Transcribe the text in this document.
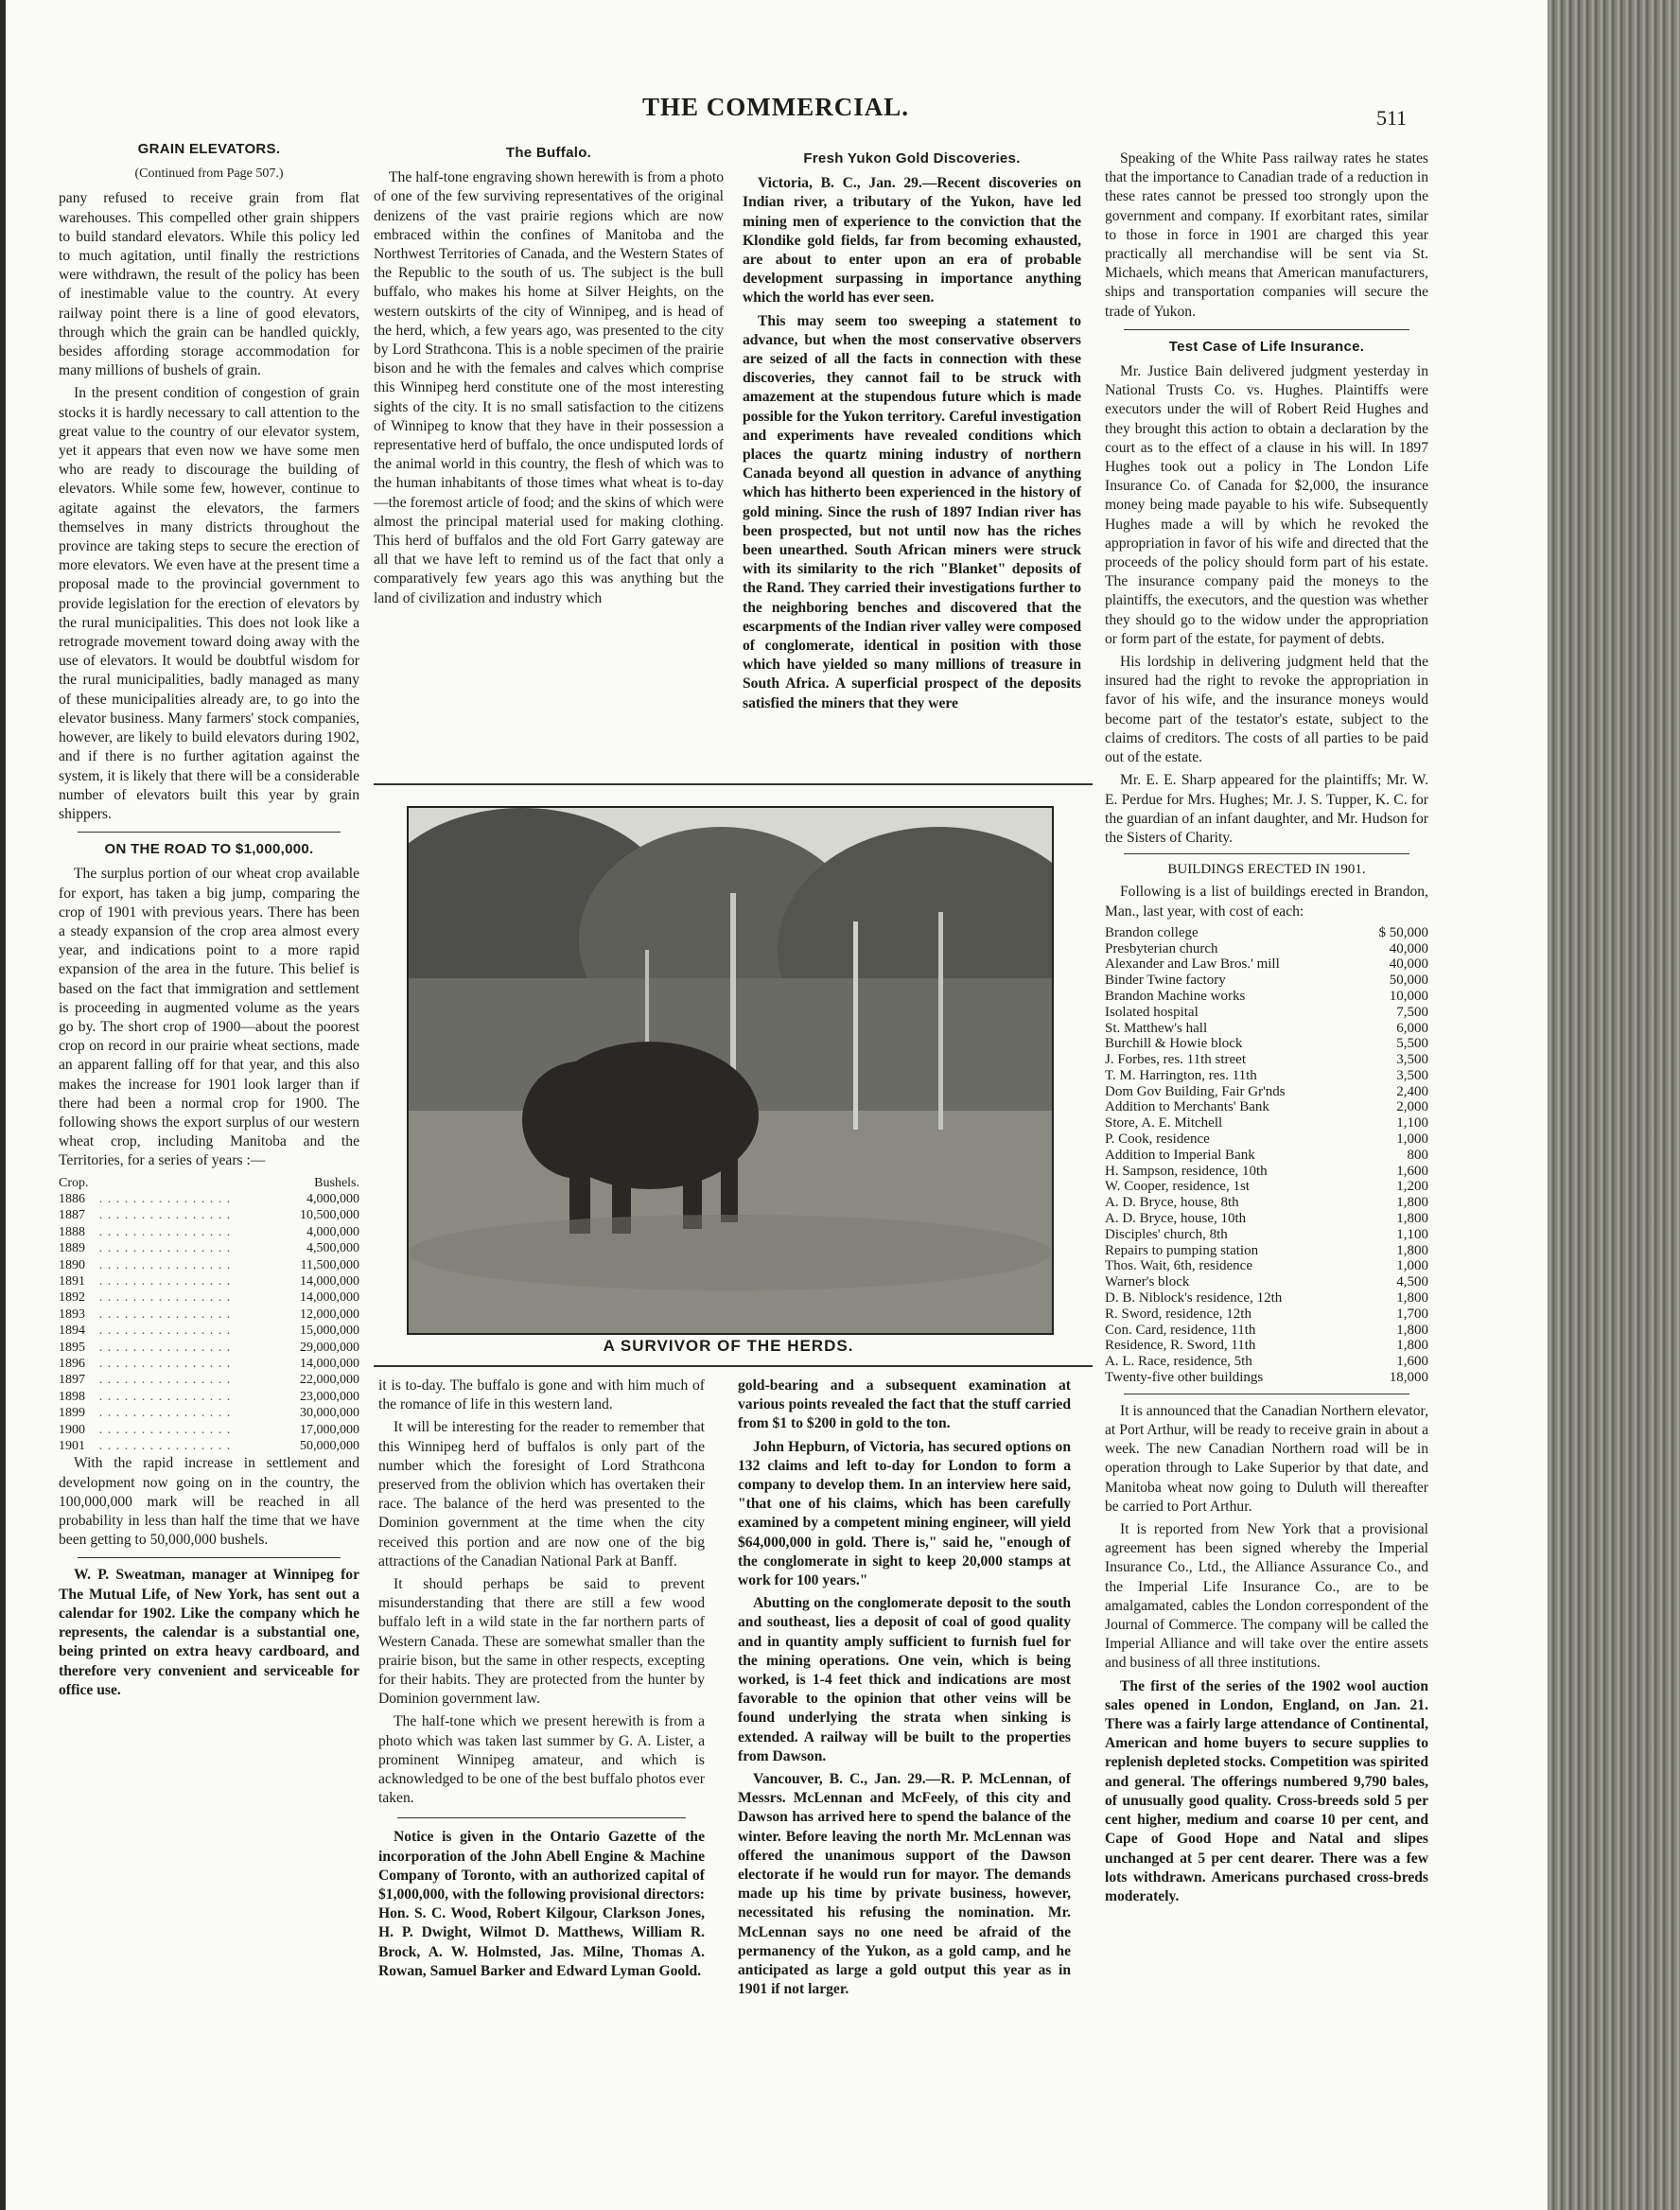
THE COMMERCIAL.	511
GRAIN ELEVATORS.
(Continued from Page 507.)

pany refused to receive grain from flat warehouses. This compelled other grain shippers to build standard elevators. While this policy led to much agitation, until finally the restrictions were withdrawn, the result of the policy has been of inestimable value to the country. At every railway point there is a line of good elevators, through which the grain can be handled quickly, besides affording storage accommodation for many millions of bushels of grain.

In the present condition of congestion of grain stocks it is hardly necessary to call attention to the great value to the country of our elevator system, yet it appears that even now we have some men who are ready to discourage the building of elevators. While some few, however, continue to agitate against the elevators, the farmers themselves in many districts throughout the province are taking steps to secure the erection of more elevators. We even have at the present time a proposal made to the provincial government to provide legislation for the erection of elevators by the rural municipalities. This does not look like a retrograde movement toward doing away with the use of elevators. It would be doubtful wisdom for the rural municipalities, badly managed as many of these municipalities already are, to go into the elevator business. Many farmers' stock companies, however, are likely to build elevators during 1902, and if there is no further agitation against the system, it is likely that there will be a considerable number of elevators built this year by grain shippers.

ON THE ROAD TO $1,000,000.

The surplus portion of our wheat crop available for export, has taken a big jump, comparing the crop of 1901 with previous years. There has been a steady expansion of the crop area almost every year, and indications point to a more rapid expansion of the area in the future. This belief is based on the fact that immigration and settlement is proceeding in augmented volume as the years go by. The short crop of 1900—about the poorest crop on record in our prairie wheat sections, made an apparent falling off for that year, and this also makes the increase for 1901 look larger than if there had been a normal crop for 1900. The following shows the export surplus of our western wheat crop, including Manitoba and the Territories, for a series of years :—

Crop.		Bushels.
1886	. . . . . . . . . . . . . . . .	4,000,000
1887	. . . . . . . . . . . . . . . .	10,500,000
1888	. . . . . . . . . . . . . . . .	4,000,000
1889	. . . . . . . . . . . . . . . .	4,500,000
1890	. . . . . . . . . . . . . . . .	11,500,000
1891	. . . . . . . . . . . . . . . .	14,000,000
1892	. . . . . . . . . . . . . . . .	14,000,000
1893	. . . . . . . . . . . . . . . .	12,000,000
1894	. . . . . . . . . . . . . . . .	15,000,000
1895	. . . . . . . . . . . . . . . .	29,000,000
1896	. . . . . . . . . . . . . . . .	14,000,000
1897	. . . . . . . . . . . . . . . .	22,000,000
1898	. . . . . . . . . . . . . . . .	23,000,000
1899	. . . . . . . . . . . . . . . .	30,000,000
1900	. . . . . . . . . . . . . . . .	17,000,000
1901	. . . . . . . . . . . . . . . .	50,000,000

With the rapid increase in settlement and development now going on in the country, the 100,000,000 mark will be reached in all probability in less than half the time that we have been getting to 50,000,000 bushels.

W. P. Sweatman, manager at Winnipeg for The Mutual Life, of New York, has sent out a calendar for 1902. Like the company which he represents, the calendar is a substantial one, being printed on extra heavy cardboard, and therefore very convenient and serviceable for office use.

The Buffalo.

The half-tone engraving shown herewith is from a photo of one of the few surviving representatives of the original denizens of the vast prairie regions which are now embraced within the confines of Manitoba and the Northwest Territories of Canada, and the Western States of the Republic to the south of us. The subject is the bull buffalo, who makes his home at Silver Heights, on the western outskirts of the city of Winnipeg, and is head of the herd, which, a few years ago, was presented to the city by Lord Strathcona. This is a noble specimen of the prairie bison and he with the females and calves which comprise this Winnipeg herd constitute one of the most interesting sights of the city. It is no small satisfaction to the citizens of Winnipeg to know that they have in their possession a representative herd of buffalo, the once undisputed lords of the animal world in this country, the flesh of which was to the human inhabitants of those times what wheat is to-day—the foremost article of food; and the skins of which were almost the principal material used for making clothing. This herd of buffalos and the old Fort Garry gateway are all that we have left to remind us of the fact that only a comparatively few years ago this was anything but the land of civilization and industry which

Fresh Yukon Gold Discoveries.

Victoria, B. C., Jan. 29.—Recent discoveries on Indian river, a tributary of the Yukon, have led mining men of experience to the conviction that the Klondike gold fields, far from becoming exhausted, are about to enter upon an era of probable development surpassing in importance anything which the world has ever seen.

This may seem too sweeping a statement to advance, but when the most conservative observers are seized of all the facts in connection with these discoveries, they cannot fail to be struck with amazement at the stupendous future which is made possible for the Yukon territory. Careful investigation and experiments have revealed conditions which places the quartz mining industry of northern Canada beyond all question in advance of anything which has hitherto been experienced in the history of gold mining. Since the rush of 1897 Indian river has been prospected, but not until now has the riches been unearthed. South African miners were struck with its similarity to the rich "Blanket" deposits of the Rand. They carried their investigations further to the neighboring benches and discovered that the escarpments of the Indian river valley were composed of conglomerate, identical in position with those which have yielded so many millions of treasure in South Africa. A superficial prospect of the deposits satisfied the miners that they were

A SURVIVOR OF THE HERDS.

it is to-day. The buffalo is gone and with him much of the romance of life in this western land.

It will be interesting for the reader to remember that this Winnipeg herd of buffalos is only part of the number which the foresight of Lord Strathcona preserved from the oblivion which has overtaken their race. The balance of the herd was presented to the Dominion government at the time when the city received this portion and are now one of the big attractions of the Canadian National Park at Banff.

It should perhaps be said to prevent misunderstanding that there are still a few wood buffalo left in a wild state in the far northern parts of Western Canada. These are somewhat smaller than the prairie bison, but the same in other respects, excepting for their habits. They are protected from the hunter by Dominion government law.

The half-tone which we present herewith is from a photo which was taken last summer by G. A. Lister, a prominent Winnipeg amateur, and which is acknowledged to be one of the best buffalo photos ever taken.

Notice is given in the Ontario Gazette of the incorporation of the John Abell Engine & Machine Company of Toronto, with an authorized capital of $1,000,000, with the following provisional directors: Hon. S. C. Wood, Robert Kilgour, Clarkson Jones, H. P. Dwight, Wilmot D. Matthews, William R. Brock, A. W. Holmsted, Jas. Milne, Thomas A. Rowan, Samuel Barker and Edward Lyman Goold.

gold-bearing and a subsequent examination at various points revealed the fact that the stuff carried from $1 to $200 in gold to the ton.

John Hepburn, of Victoria, has secured options on 132 claims and left to-day for London to form a company to develop them. In an interview here said, "that one of his claims, which has been carefully examined by a competent mining engineer, will yield $64,000,000 in gold. There is," said he, "enough of the conglomerate in sight to keep 20,000 stamps at work for 100 years."

Abutting on the conglomerate deposit to the south and southeast, lies a deposit of coal of good quality and in quantity amply sufficient to furnish fuel for the mining operations. One vein, which is being worked, is 1-4 feet thick and indications are most favorable to the opinion that other veins will be found underlying the strata when sinking is extended. A railway will be built to the properties from Dawson.

Vancouver, B. C., Jan. 29.—R. P. McLennan, of Messrs. McLennan and McFeely, of this city and Dawson has arrived here to spend the balance of the winter. Before leaving the north Mr. McLennan was offered the unanimous support of the Dawson electorate if he would run for mayor. The demands made up his time by private business, however, necessitated his refusing the nomination. Mr. McLennan says no one need be afraid of the permanency of the Yukon, as a gold camp, and he anticipated as large a gold output this year as in 1901 if not larger.

Speaking of the White Pass railway rates he states that the importance to Canadian trade of a reduction in these rates cannot be pressed too strongly upon the government and company. If exorbitant rates, similar to those in force in 1901 are charged this year practically all merchandise will be sent via St. Michaels, which means that American manufacturers, ships and transportation companies will secure the trade of Yukon.

Test Case of Life Insurance.

Mr. Justice Bain delivered judgment yesterday in National Trusts Co. vs. Hughes. Plaintiffs were executors under the will of Robert Reid Hughes and they brought this action to obtain a declaration by the court as to the effect of a clause in his will. In 1897 Hughes took out a policy in The London Life Insurance Co. of Canada for $2,000, the insurance money being made payable to his wife. Subsequently Hughes made a will by which he revoked the appropriation in favor of his wife and directed that the proceeds of the policy should form part of his estate. The insurance company paid the moneys to the plaintiffs, the executors, and the question was whether they should go to the widow under the appropriation or form part of the estate, for payment of debts.

His lordship in delivering judgment held that the insured had the right to revoke the appropriation in favor of his wife, and the insurance moneys would become part of the testator's estate, subject to the claims of creditors. The costs of all parties to be paid out of the estate.

Mr. E. E. Sharp appeared for the plaintiffs; Mr. W. E. Perdue for Mrs. Hughes; Mr. J. S. Tupper, K. C. for the guardian of an infant daughter, and Mr. Hudson for the Sisters of Charity.

BUILDINGS ERECTED IN 1901.

Following is a list of buildings erected in Brandon, Man., last year, with cost of each:

Brandon college	$ 50,000
Presbyterian church	40,000
Alexander and Law Bros.' mill	40,000
Binder Twine factory	50,000
Brandon Machine works	10,000
Isolated hospital	7,500
St. Matthew's hall	6,000
Burchill & Howie block	5,500
J. Forbes, res. 11th street	3,500
T. M. Harrington, res. 11th	3,500
Dom Gov Building, Fair Gr'nds	2,400
Addition to Merchants' Bank	2,000
Store, A. E. Mitchell	1,100
P. Cook, residence	1,000
Addition to Imperial Bank	800
H. Sampson, residence, 10th	1,600
W. Cooper, residence, 1st	1,200
A. D. Bryce, house, 8th	1,800
A. D. Bryce, house, 10th	1,800
Disciples' church, 8th	1,100
Repairs to pumping station	1,800
Thos. Wait, 6th, residence	1,000
Warner's block	4,500
D. B. Niblock's residence, 12th	1,800
R. Sword, residence, 12th	1,700
Con. Card, residence, 11th	1,800
Residence, R. Sword, 11th	1,800
A. L. Race, residence, 5th	1,600
Twenty-five other buildings	18,000

It is announced that the Canadian Northern elevator, at Port Arthur, will be ready to receive grain in about a week. The new Canadian Northern road will be in operation through to Lake Superior by that date, and Manitoba wheat now going to Duluth will thereafter be carried to Port Arthur.

It is reported from New York that a provisional agreement has been signed whereby the Imperial Insurance Co., Ltd., the Alliance Assurance Co., and the Imperial Life Insurance Co., are to be amalgamated, cables the London correspondent of the Journal of Commerce. The company will be called the Imperial Alliance and will take over the entire assets and business of all three institutions.

The first of the series of the 1902 wool auction sales opened in London, England, on Jan. 21. There was a fairly large attendance of Continental, American and home buyers to secure supplies to replenish depleted stocks. Competition was spirited and general. The offerings numbered 9,790 bales, of unusually good quality. Cross-breeds sold 5 per cent higher, medium and coarse 10 per cent, and Cape of Good Hope and Natal and slipes unchanged at 5 per cent dearer. There was a few lots withdrawn. Americans purchased cross-breds moderately.
